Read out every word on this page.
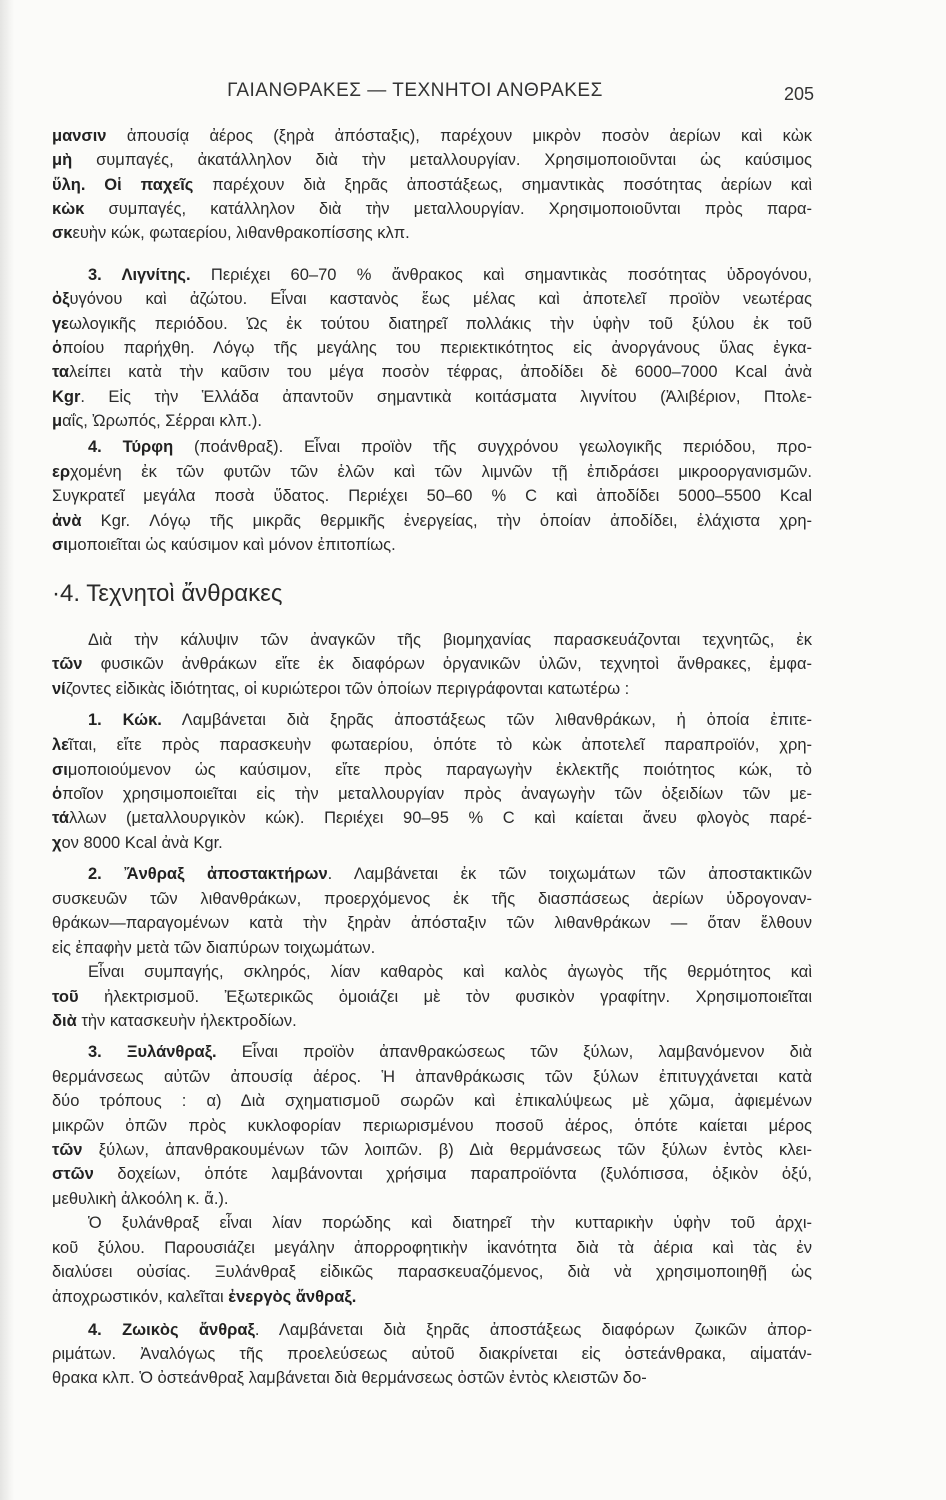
ΓΑΙΑΝΘΡΑΚΕΣ — ΤΕΧΝΗΤΟΙ ΑΝΘΡΑΚΕΣ	205
·4. Τεχνητοὶ ἄνθρακες
μανσιν ἀπουσίᾳ ἀέρος (ξηρὰ ἀπόσταξις), παρέχουν μικρὸν ποσὸν ἀερίων καὶ κὼκ
μὴ συμπαγές, ἀκατάλληλον διὰ τὴν μεταλλουργίαν. Χρησιμοποιοῦνται ὡς καύσιμος
ὕλη. Οἱ παχεῖς παρέχουν διὰ ξηρᾶς ἀποστάξεως, σημαντικὰς ποσότητας ἀερίων καὶ
κὼκ συμπαγές, κατάλληλον διὰ τὴν μεταλλουργίαν. Χρησιμοποιοῦνται πρὸς παρα-
σκευὴν κώκ, φωταερίου, λιθανθρακοπίσσης κλπ.
3. Λιγνίτης. Περιέχει 60–70 % ἄνθρακος καὶ σημαντικὰς ποσότητας ὑδρογόνου,
ὀξυγόνου καὶ ἀζώτου. Εἶναι καστανὸς ἕως μέλας καὶ ἀποτελεῖ προϊὸν νεωτέρας
γεωλογικῆς περιόδου. Ὡς ἐκ τούτου διατηρεῖ πολλάκις τὴν ὑφὴν τοῦ ξύλου ἐκ τοῦ
ὁποίου παρήχθη. Λόγῳ τῆς μεγάλης του περιεκτικότητος εἰς ἀνοργάνους ὕλας ἐγκα-
ταλείπει κατὰ τὴν καῦσιν του μέγα ποσὸν τέφρας, ἀποδίδει δὲ 6000–7000 Kcal ἀνὰ
Kgr. Εἰς τὴν Ἑλλάδα ἀπαντοῦν σημαντικὰ κοιτάσματα λιγνίτου (Ἀλιβέριον, Πτολε-
μαΐς, Ὠρωπός, Σέρραι κλπ.).
4. Τύρφη (ποάνθραξ). Εἶναι προϊὸν τῆς συγχρόνου γεωλογικῆς περιόδου, προ-
ερχομένη ἐκ τῶν φυτῶν τῶν ἑλῶν καὶ τῶν λιμνῶν τῇ ἐπιδράσει μικροοργανισμῶν.
Συγκρατεῖ μεγάλα ποσὰ ὕδατος. Περιέχει 50–60 % C καὶ ἀποδίδει 5000–5500 Kcal
ἀνὰ Kgr. Λόγῳ τῆς μικρᾶς θερμικῆς ἐνεργείας, τὴν ὁποίαν ἀποδίδει, ἐλάχιστα χρη-
σιμοποιεῖται ὡς καύσιμον καὶ μόνον ἐπιτοπίως.
Διὰ τὴν κάλυψιν τῶν ἀναγκῶν τῆς βιομηχανίας παρασκευάζονται τεχνητῶς, ἐκ
τῶν φυσικῶν ἀνθράκων εἴτε ἐκ διαφόρων ὀργανικῶν ὑλῶν, τεχνητοὶ ἄνθρακες, ἐμφα-
νίζοντες εἰδικὰς ἰδιότητας, οἱ κυριώτεροι τῶν ὁποίων περιγράφονται κατωτέρω :
1. Κώκ. Λαμβάνεται διὰ ξηρᾶς ἀποστάξεως τῶν λιθανθράκων, ἡ ὁποία ἐπιτε-
λεῖται, εἴτε πρὸς παρασκευὴν φωταερίου, ὁπότε τὸ κὼκ ἀποτελεῖ παραπροϊόν, χρη-
σιμοποιούμενον ὡς καύσιμον, εἴτε πρὸς παραγωγὴν ἐκλεκτῆς ποιότητος κώκ, τὸ
ὁποῖον χρησιμοποιεῖται εἰς τὴν μεταλλουργίαν πρὸς ἀναγωγὴν τῶν ὀξειδίων τῶν με-
τάλλων (μεταλλουργικὸν κώκ). Περιέχει 90–95 % C καὶ καίεται ἄνευ φλογὸς παρέ-
χον 8000 Kcal ἀνὰ Kgr.
2. Ἄνθραξ ἀποστακτήρων. Λαμβάνεται ἐκ τῶν τοιχωμάτων τῶν ἀποστακτικῶν
συσκευῶν τῶν λιθανθράκων, προερχόμενος ἐκ τῆς διασπάσεως ἀερίων ὑδρογοναν-
θράκων—παραγομένων κατὰ τὴν ξηρὰν ἀπόσταξιν τῶν λιθανθράκων — ὅταν ἔλθουν
εἰς ἐπαφὴν μετὰ τῶν διαπύρων τοιχωμάτων.
Εἶναι συμπαγής, σκληρός, λίαν καθαρὸς καὶ καλὸς ἀγωγὸς τῆς θερμότητος καὶ
τοῦ ἠλεκτρισμοῦ. Ἐξωτερικῶς ὁμοιάζει μὲ τὸν φυσικὸν γραφίτην. Χρησιμοποιεῖται
διὰ τὴν κατασκευὴν ἠλεκτροδίων.
3. Ξυλάνθραξ. Εἶναι προϊὸν ἀπανθρακώσεως τῶν ξύλων, λαμβανόμενον διὰ
θερμάνσεως αὐτῶν ἀπουσίᾳ ἀέρος. Ἡ ἀπανθράκωσις τῶν ξύλων ἐπιτυγχάνεται κατὰ
δύο τρόπους : α) Διὰ σχηματισμοῦ σωρῶν καὶ ἐπικαλύψεως μὲ χῶμα, ἀφιεμένων
μικρῶν ὀπῶν πρὸς κυκλοφορίαν περιωρισμένου ποσοῦ ἀέρος, ὁπότε καίεται μέρος
τῶν ξύλων, ἀπανθρακουμένων τῶν λοιπῶν. β) Διὰ θερμάνσεως τῶν ξύλων ἐντὸς κλει-
στῶν δοχείων, ὁπότε λαμβάνονται χρήσιμα παραπροϊόντα (ξυλόπισσα, ὀξικὸν ὀξύ,
μεθυλικὴ ἀλκοόλη κ. ἄ.).
Ὁ ξυλάνθραξ εἶναι λίαν πορώδης καὶ διατηρεῖ τὴν κυτταρικὴν ὑφὴν τοῦ ἀρχι-
κοῦ ξύλου. Παρουσιάζει μεγάλην ἀπορροφητικὴν ἱκανότητα διὰ τὰ ἀέρια καὶ τὰς ἐν
διαλύσει οὐσίας. Ξυλάνθραξ εἰδικῶς παρασκευαζόμενος, διὰ νὰ χρησιμοποιηθῇ ὡς
ἀποχρωστικόν, καλεῖται ἐνεργὸς ἄνθραξ.
4. Ζωικὸς ἄνθραξ. Λαμβάνεται διὰ ξηρᾶς ἀποστάξεως διαφόρων ζωικῶν ἀπορ-
ριμάτων. Ἀναλόγως τῆς προελεύσεως αὐτοῦ διακρίνεται εἰς ὀστεάνθρακα, αἱματάν-
θρακα κλπ. Ὁ ὀστεάνθραξ λαμβάνεται διὰ θερμάνσεως ὀστῶν ἐντὸς κλειστῶν δο-
